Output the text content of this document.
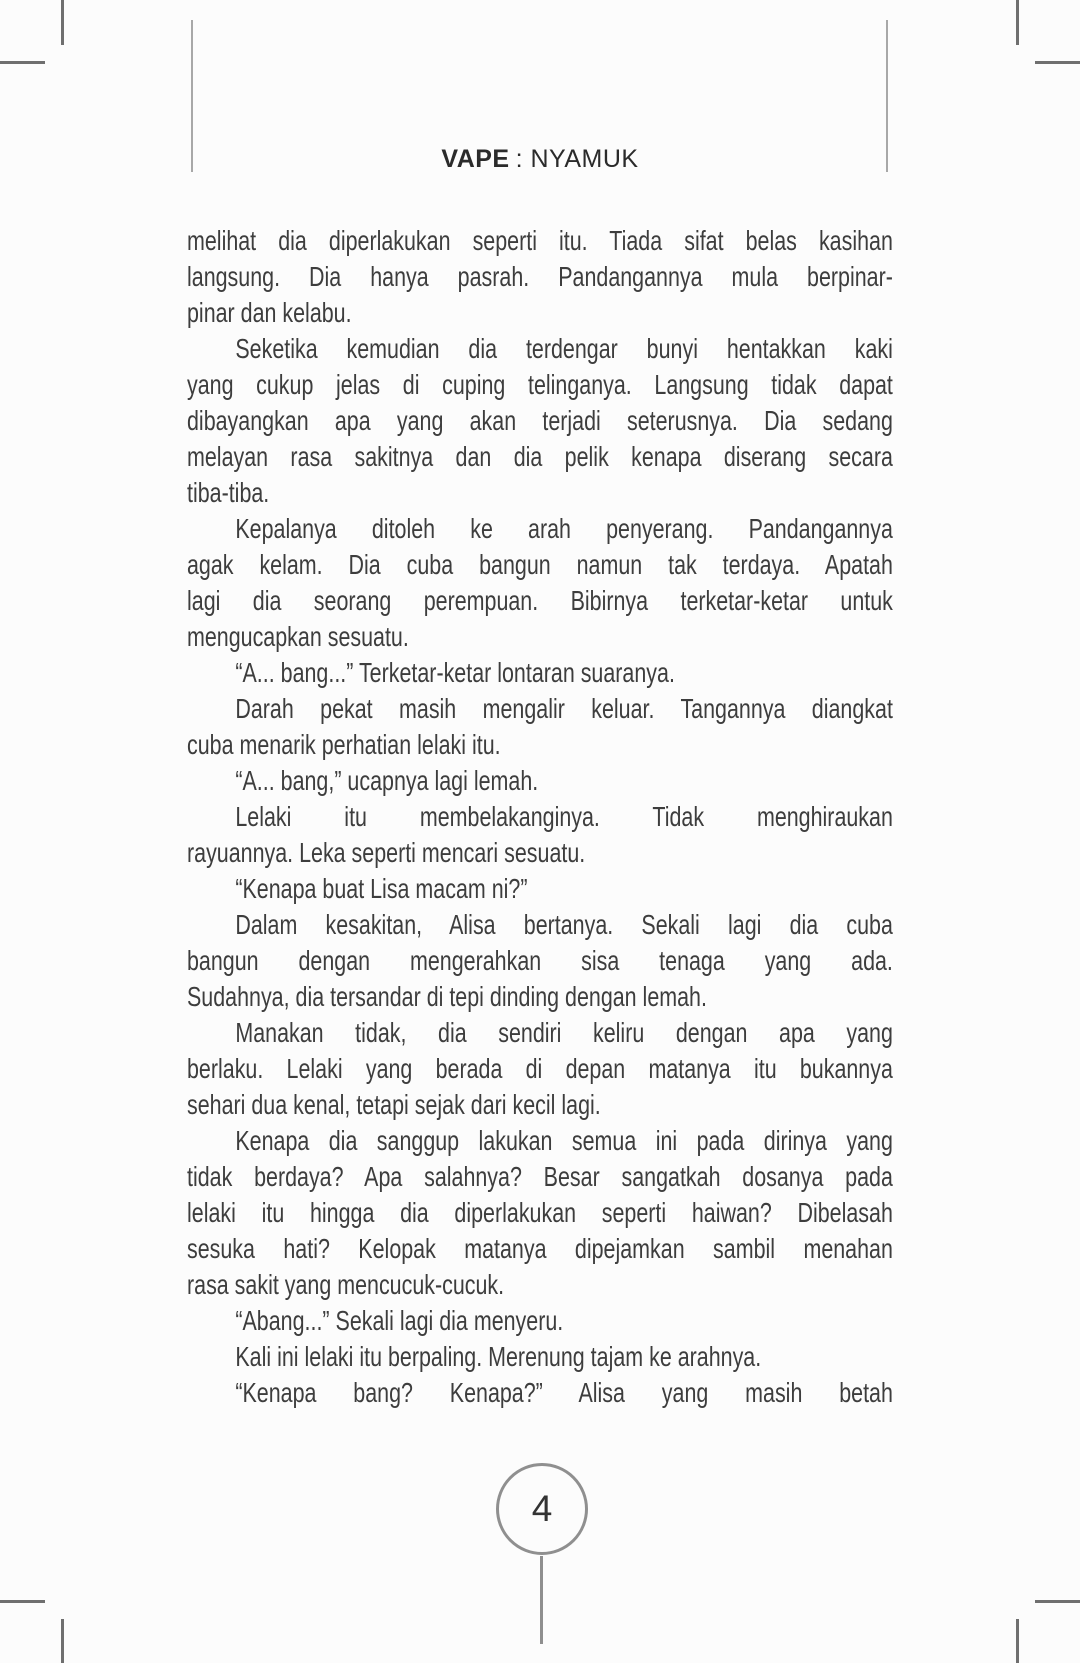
VAPE : NYAMUK
melihat dia diperlakukan seperti itu. Tiada sifat belas kasihan
langsung. Dia hanya pasrah. Pandangannya mula berpinar-
pinar dan kelabu.
Seketika kemudian dia terdengar bunyi hentakkan kaki
yang cukup jelas di cuping telinganya. Langsung tidak dapat
dibayangkan apa yang akan terjadi seterusnya. Dia sedang
melayan rasa sakitnya dan dia pelik kenapa diserang secara
tiba-tiba.
Kepalanya ditoleh ke arah penyerang. Pandangannya
agak kelam. Dia cuba bangun namun tak terdaya. Apatah
lagi dia seorang perempuan. Bibirnya terketar-ketar untuk
mengucapkan sesuatu.
“A... bang...” Terketar-ketar lontaran suaranya.
Darah pekat masih mengalir keluar. Tangannya diangkat
cuba menarik perhatian lelaki itu.
“A... bang,” ucapnya lagi lemah.
Lelaki itu membelakanginya. Tidak menghiraukan
rayuannya. Leka seperti mencari sesuatu.
“Kenapa buat Lisa macam ni?”
Dalam kesakitan, Alisa bertanya. Sekali lagi dia cuba
bangun dengan mengerahkan sisa tenaga yang ada.
Sudahnya, dia tersandar di tepi dinding dengan lemah.
Manakan tidak, dia sendiri keliru dengan apa yang
berlaku. Lelaki yang berada di depan matanya itu bukannya
sehari dua kenal, tetapi sejak dari kecil lagi.
Kenapa dia sanggup lakukan semua ini pada dirinya yang
tidak berdaya? Apa salahnya? Besar sangatkah dosanya pada
lelaki itu hingga dia diperlakukan seperti haiwan? Dibelasah
sesuka hati? Kelopak matanya dipejamkan sambil menahan
rasa sakit yang mencucuk-cucuk.
“Abang...” Sekali lagi dia menyeru.
Kali ini lelaki itu berpaling. Merenung tajam ke arahnya.
“Kenapa bang? Kenapa?” Alisa yang masih betah
4
